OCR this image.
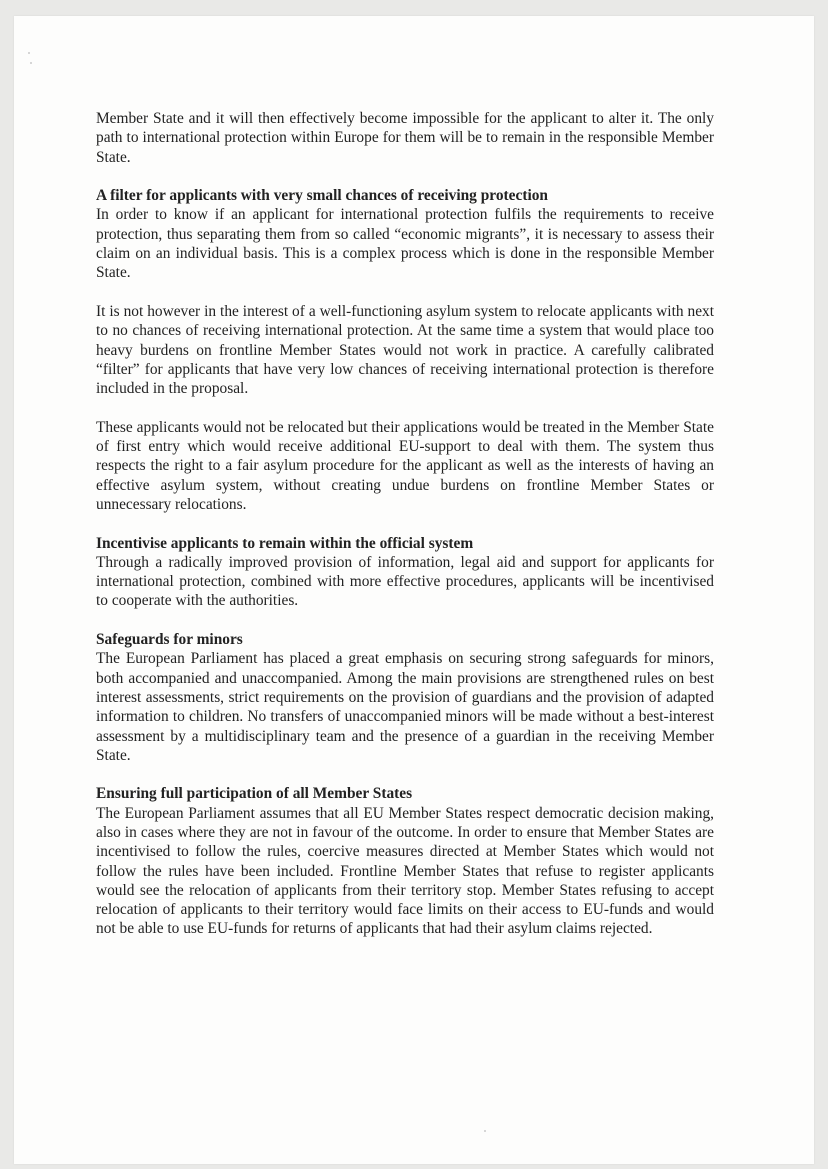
Member State and it will then effectively become impossible for the applicant to alter it. The only path to international protection within Europe for them will be to remain in the responsible Member State.

A filter for applicants with very small chances of receiving protection

In order to know if an applicant for international protection fulfils the requirements to receive protection, thus separating them from so called “economic migrants”, it is necessary to assess their claim on an individual basis. This is a complex process which is done in the responsible Member State.

It is not however in the interest of a well-functioning asylum system to relocate applicants with next to no chances of receiving international protection. At the same time a system that would place too heavy burdens on frontline Member States would not work in practice. A carefully calibrated “filter” for applicants that have very low chances of receiving international protection is therefore included in the proposal.

These applicants would not be relocated but their applications would be treated in the Member State of first entry which would receive additional EU-support to deal with them. The system thus respects the right to a fair asylum procedure for the applicant as well as the interests of having an effective asylum system, without creating undue burdens on frontline Member States or unnecessary relocations.

Incentivise applicants to remain within the official system

Through a radically improved provision of information, legal aid and support for applicants for international protection, combined with more effective procedures, applicants will be incentivised to cooperate with the authorities.

Safeguards for minors

The European Parliament has placed a great emphasis on securing strong safeguards for minors, both accompanied and unaccompanied. Among the main provisions are strengthened rules on best interest assessments, strict requirements on the provision of guardians and the provision of adapted information to children. No transfers of unaccompanied minors will be made without a best-interest assessment by a multidisciplinary team and the presence of a guardian in the receiving Member State.

Ensuring full participation of all Member States

The European Parliament assumes that all EU Member States respect democratic decision making, also in cases where they are not in favour of the outcome. In order to ensure that Member States are incentivised to follow the rules, coercive measures directed at Member States which would not follow the rules have been included. Frontline Member States that refuse to register applicants would see the relocation of applicants from their territory stop. Member States refusing to accept relocation of applicants to their territory would face limits on their access to EU-funds and would not be able to use EU-funds for returns of applicants that had their asylum claims rejected.
